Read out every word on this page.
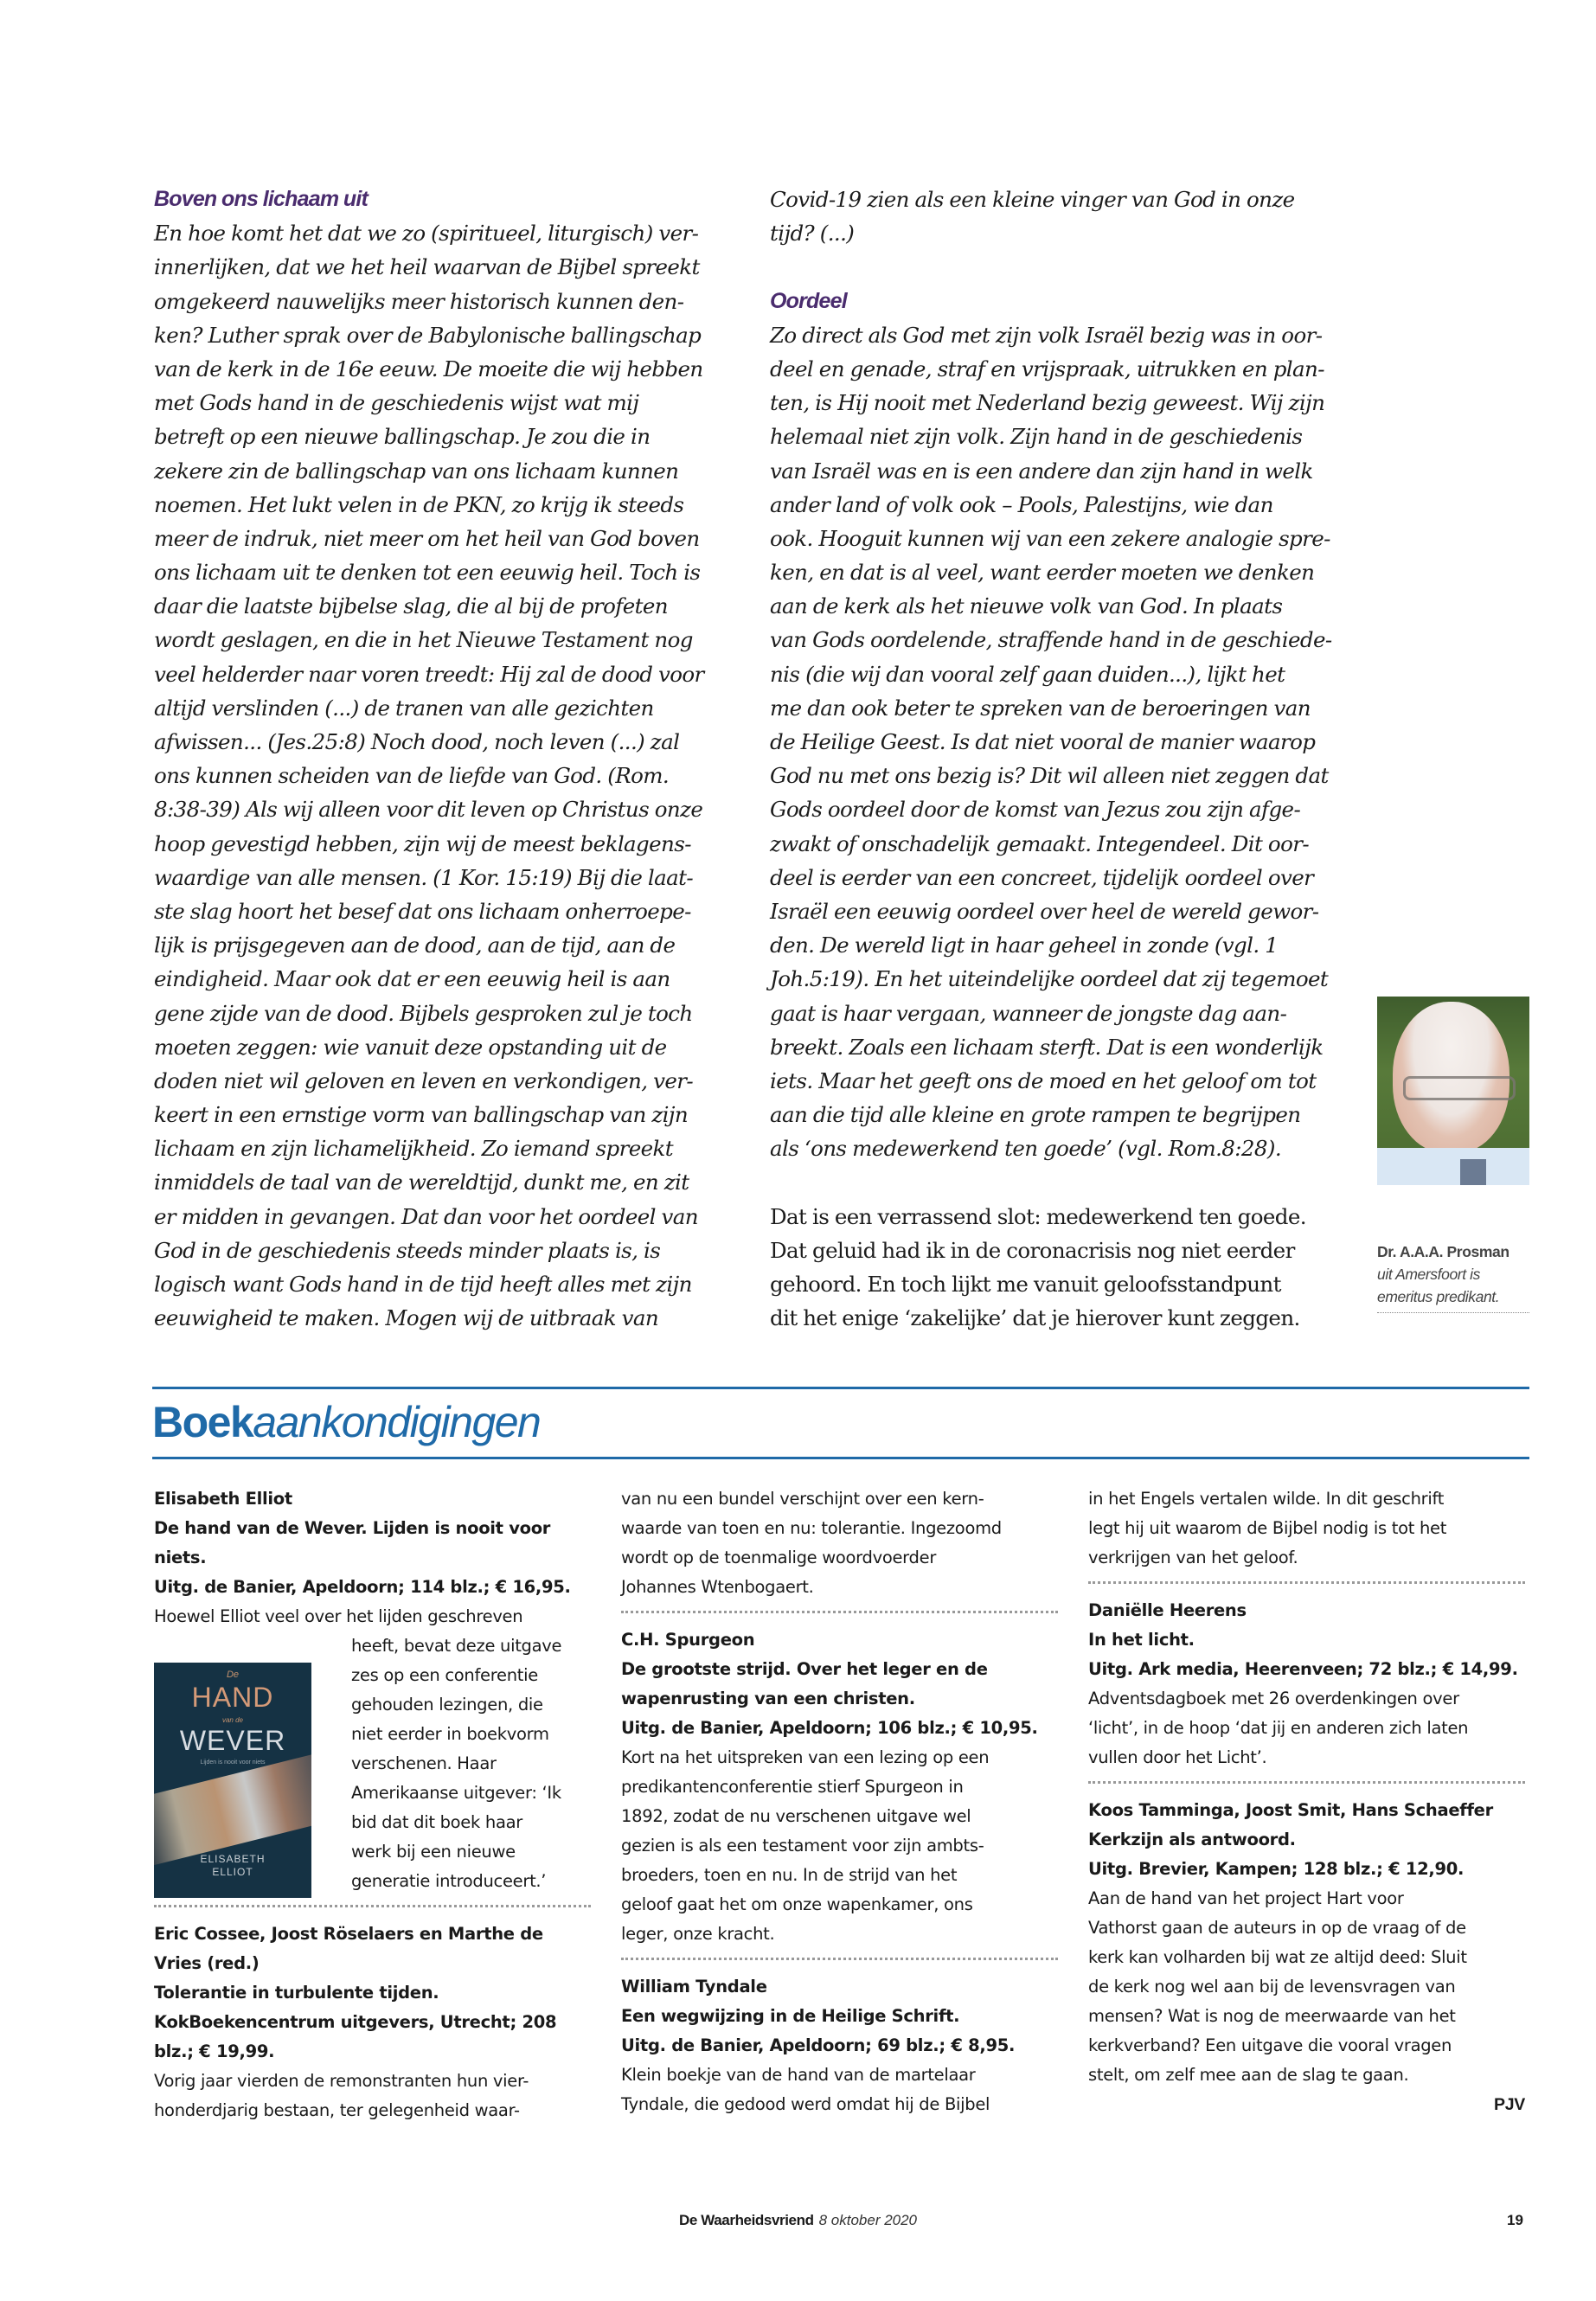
Boven ons lichaam uit
En hoe komt het dat we zo (spiritueel, liturgisch) ver-
innerlijken, dat we het heil waarvan de Bijbel spreekt
omgekeerd nauwelijks meer historisch kunnen den-
ken? Luther sprak over de Babylonische ballingschap
van de kerk in de 16e eeuw. De moeite die wij hebben
met Gods hand in de geschiedenis wijst wat mij
betreft op een nieuwe ballingschap. Je zou die in
zekere zin de ballingschap van ons lichaam kunnen
noemen. Het lukt velen in de PKN, zo krijg ik steeds
meer de indruk, niet meer om het heil van God boven
ons lichaam uit te denken tot een eeuwig heil. Toch is
daar die laatste bijbelse slag, die al bij de profeten
wordt geslagen, en die in het Nieuwe Testament nog
veel helderder naar voren treedt: Hij zal de dood voor
altijd verslinden (...) de tranen van alle gezichten
afwissen... (Jes.25:8) Noch dood, noch leven (...) zal
ons kunnen scheiden van de liefde van God. (Rom.
8:38-39) Als wij alleen voor dit leven op Christus onze
hoop gevestigd hebben, zijn wij de meest beklagens-
waardige van alle mensen. (1 Kor. 15:19) Bij die laat-
ste slag hoort het besef dat ons lichaam onherroepe-
lijk is prijsgegeven aan de dood, aan de tijd, aan de
eindigheid. Maar ook dat er een eeuwig heil is aan
gene zijde van de dood. Bijbels gesproken zul je toch
moeten zeggen: wie vanuit deze opstanding uit de
doden niet wil geloven en leven en verkondigen, ver-
keert in een ernstige vorm van ballingschap van zijn
lichaam en zijn lichamelijkheid. Zo iemand spreekt
inmiddels de taal van de wereldtijd, dunkt me, en zit
er midden in gevangen. Dat dan voor het oordeel van
God in de geschiedenis steeds minder plaats is, is
logisch want Gods hand in de tijd heeft alles met zijn
eeuwigheid te maken. Mogen wij de uitbraak van
Covid-19 zien als een kleine vinger van God in onze
tijd? (...)
Oordeel
Zo direct als God met zijn volk Israël bezig was in oor-
deel en genade, straf en vrijspraak, uitrukken en plan-
ten, is Hij nooit met Nederland bezig geweest. Wij zijn
helemaal niet zijn volk. Zijn hand in de geschiedenis
van Israël was en is een andere dan zijn hand in welk
ander land of volk ook – Pools, Palestijns, wie dan
ook. Hooguit kunnen wij van een zekere analogie spre-
ken, en dat is al veel, want eerder moeten we denken
aan de kerk als het nieuwe volk van God. In plaats
van Gods oordelende, straffende hand in de geschiede-
nis (die wij dan vooral zelf gaan duiden...), lijkt het
me dan ook beter te spreken van de beroeringen van
de Heilige Geest. Is dat niet vooral de manier waarop
God nu met ons bezig is? Dit wil alleen niet zeggen dat
Gods oordeel door de komst van Jezus zou zijn afge-
zwakt of onschadelijk gemaakt. Integendeel. Dit oor-
deel is eerder van een concreet, tijdelijk oordeel over
Israël een eeuwig oordeel over heel de wereld gewor-
den. De wereld ligt in haar geheel in zonde (vgl. 1
Joh.5:19). En het uiteindelijke oordeel dat zij tegemoet
gaat is haar vergaan, wanneer de jongste dag aan-
breekt. Zoals een lichaam sterft. Dat is een wonderlijk
iets. Maar het geeft ons de moed en het geloof om tot
aan die tijd alle kleine en grote rampen te begrijpen
als ‘ons medewerkend ten goede’ (vgl. Rom.8:28).
Dat is een verrassend slot: medewerkend ten goede.
Dat geluid had ik in de coronacrisis nog niet eerder
gehoord. En toch lijkt me vanuit geloofsstandpunt
dit het enige ‘zakelijke’ dat je hierover kunt zeggen.
Dr. A.A.A. Prosman
uit Amersfoort is
emeritus predikant.
Boekaankondigingen
Elisabeth Elliot
De hand van de Wever. Lijden is nooit voor
niets.
Uitg. de Banier, Apeldoorn; 114 blz.; € 16,95.
Hoewel Elliot veel over het lijden geschreven
heeft, bevat deze uitgave
zes op een conferentie
gehouden lezingen, die
niet eerder in boekvorm
verschenen. Haar
Amerikaanse uitgever: ‘Ik
bid dat dit boek haar
werk bij een nieuwe
generatie introduceert.’
Eric Cossee, Joost Röselaers en Marthe de
Vries (red.)
Tolerantie in turbulente tijden.
KokBoekencentrum uitgevers, Utrecht; 208
blz.; € 19,99.
Vorig jaar vierden de remonstranten hun vier-
honderdjarig bestaan, ter gelegenheid waar-
van nu een bundel verschijnt over een kern-
waarde van toen en nu: tolerantie. Ingezoomd
wordt op de toenmalige woordvoerder
Johannes Wtenbogaert.
C.H. Spurgeon
De grootste strijd. Over het leger en de
wapenrusting van een christen.
Uitg. de Banier, Apeldoorn; 106 blz.; € 10,95.
Kort na het uitspreken van een lezing op een
predikantenconferentie stierf Spurgeon in
1892, zodat de nu verschenen uitgave wel
gezien is als een testament voor zijn ambts-
broeders, toen en nu. In de strijd van het
geloof gaat het om onze wapenkamer, ons
leger, onze kracht.
William Tyndale
Een wegwijzing in de Heilige Schrift.
Uitg. de Banier, Apeldoorn; 69 blz.; € 8,95.
Klein boekje van de hand van de martelaar
Tyndale, die gedood werd omdat hij de Bijbel
in het Engels vertalen wilde. In dit geschrift
legt hij uit waarom de Bijbel nodig is tot het
verkrijgen van het geloof.
Daniëlle Heerens
In het licht.
Uitg. Ark media, Heerenveen; 72 blz.; € 14,99.
Adventsdagboek met 26 overdenkingen over
‘licht’, in de hoop ‘dat jij en anderen zich laten
vullen door het Licht’.
Koos Tamminga, Joost Smit, Hans Schaeffer
Kerkzijn als antwoord.
Uitg. Brevier, Kampen; 128 blz.; € 12,90.
Aan de hand van het project Hart voor
Vathorst gaan de auteurs in op de vraag of de
kerk kan volharden bij wat ze altijd deed: Sluit
de kerk nog wel aan bij de levensvragen van
mensen? Wat is nog de meerwaarde van het
kerkverband? Een uitgave die vooral vragen
stelt, om zelf mee aan de slag te gaan.
PJV
De
HAND
van de
WEVER
Lijden is nooit voor niets
ELISABETH
ELLIOT
De Waarheidsvriend 8 oktober 2020	19
